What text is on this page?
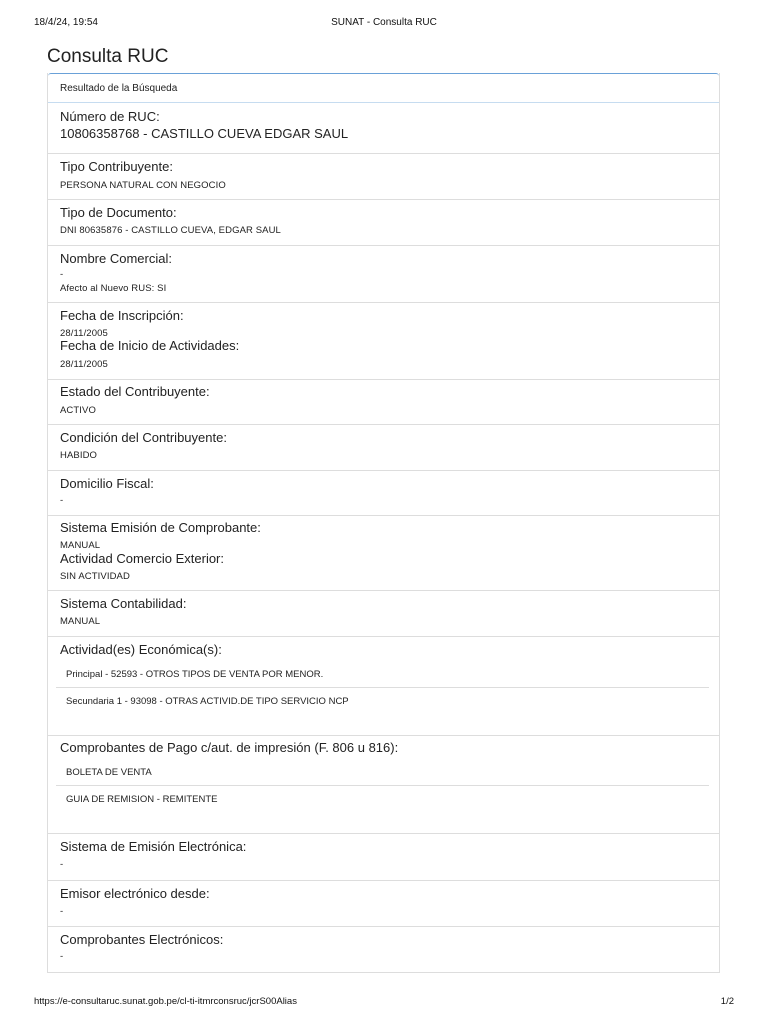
18/4/24, 19:54	SUNAT - Consulta RUC
Consulta RUC
Resultado de la Búsqueda
Número de RUC:
10806358768 - CASTILLO CUEVA EDGAR SAUL
Tipo Contribuyente:
PERSONA NATURAL CON NEGOCIO
Tipo de Documento:
DNI 80635876 - CASTILLO CUEVA, EDGAR SAUL
Nombre Comercial:
-
Afecto al Nuevo RUS: SI
Fecha de Inscripción:
28/11/2005
Fecha de Inicio de Actividades:
28/11/2005
Estado del Contribuyente:
ACTIVO
Condición del Contribuyente:
HABIDO
Domicilio Fiscal:
-
Sistema Emisión de Comprobante:
MANUAL
Actividad Comercio Exterior:
SIN ACTIVIDAD
Sistema Contabilidad:
MANUAL
Actividad(es) Económica(s):
Principal - 52593 - OTROS TIPOS DE VENTA POR MENOR.
Secundaria 1 - 93098 - OTRAS ACTIVID.DE TIPO SERVICIO NCP
Comprobantes de Pago c/aut. de impresión (F. 806 u 816):
BOLETA DE VENTA
GUIA DE REMISION - REMITENTE
Sistema de Emisión Electrónica:
-
Emisor electrónico desde:
-
Comprobantes Electrónicos:
-
https://e-consultaruc.sunat.gob.pe/cl-ti-itmrconsruc/jcrS00Alias	1/2
